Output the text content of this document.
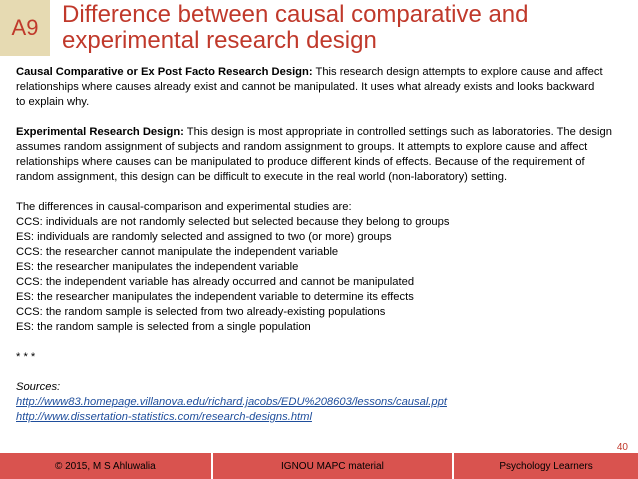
A9 Difference between causal comparative and
experimental research design

Causal Comparative or Ex Post Facto Research Design: This research design attempts to explore cause and affect

relationships where causes already exist and cannot be manipulated. It uses what already exists and looks backward

to explain why.

Experimental Research Design: This design is most appropriate in controlled settings such as laboratories. The design

assumes random assignment of subjects and random assignment to groups. It attempts to explore cause and affect

relationships where causes can be manipulated to produce different kinds of effects. Because of the requirement of

random assignment, this design can be difficult to execute in the real world (non-laboratory) setting.

The differences in causal-comparison and experimental studies are:

CCS: individuals are not randomly selected but selected because they belong to groups

ES: individuals are randomly selected and assigned to two (or more) groups

CCS: the researcher cannot manipulate the independent variable

ES: the researcher manipulates the independent variable

CCS: the independent variable has already occurred and cannot be manipulated

ES: the researcher manipulates the independent variable to determine its effects

CCS: the random sample is selected from two already-existing populations

ES: the random sample is selected from a single population

* * *

Sources:

http://www83.homepage.villanova.edu/richard.jacobs/EDU%208603/lessons/causal.ppt

http://www.dissertation-statistics.com/research-designs.html

40
© 2015, M S Ahluwalia	IGNOU MAPC material	Psychology Learners
